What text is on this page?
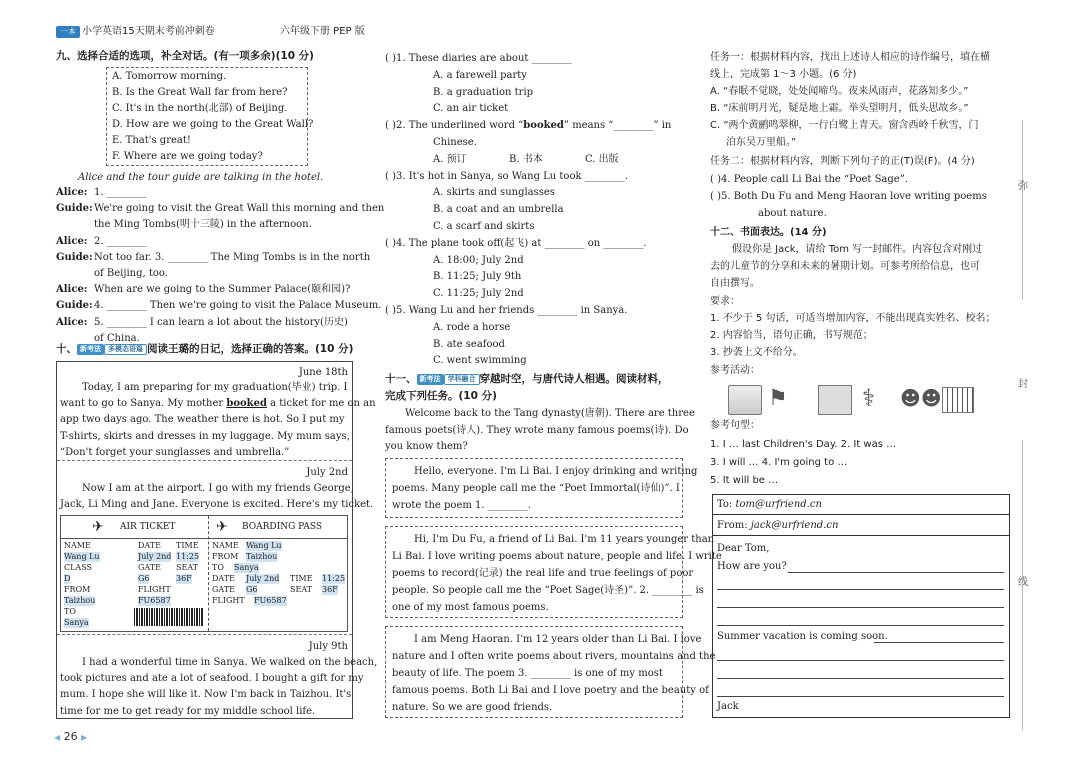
一本 小学英语15天期末考前冲刺卷	六年级下册 PEP 版
九、选择合适的选项，补全对话。(有一项多余)(10 分)
A. Tomorrow morning.
B. Is the Great Wall far from here?
C. It's in the north(北部) of Beijing.
D. How are we going to the Great Wall?
E. That's great!
F. Where are we going today?
Alice and the tour guide are talking in the hotel.
Alice: 1. ________
Guide: We're going to visit the Great Wall this morning and then
the Ming Tombs(明十三陵) in the afternoon.
Alice: 2. ________
Guide: Not too far. 3. ________ The Ming Tombs is in the north
of Beijing, too.
Alice: When are we going to the Summer Palace(颐和园)?
Guide: 4. ________ Then we're going to visit the Palace Museum.
Alice: 5. ________ I can learn a lot about the history(历史)
of China.
十、 新考法 多模态语篇 阅读王璐的日记，选择正确的答案。(10 分)
June 18th
Today, I am preparing for my graduation(毕业) trip. I
want to go to Sanya. My mother booked a ticket for me on an
app two days ago. The weather there is hot. So I put my
T-shirts, skirts and dresses in my luggage. My mum says,
“Don't forget your sunglasses and umbrella.”
July 2nd
Now I am at the airport. I go with my friends George,
Jack, Li Ming and Jane. Everyone is excited. Here's my ticket.
✈ AIR TICKET	✈ BOARDING PASS
NAME	DATE TIME
Wang Lu	July 2nd 11:25
CLASS	GATE SEAT
D	G6	36F
FROM	FLIGHT
Taizhou	FU6587
TO
Sanya
NAME Wang Lu
FROM Taizhou
TO Sanya
DATE July 2nd TIME 11:25
GATE G6	SEAT 36F
FLIGHT FU6587
July 9th
I had a wonderful time in Sanya. We walked on the beach,
took pictures and ate a lot of seafood. I bought a gift for my
mum. I hope she will like it. Now I'm back in Taizhou. It's
time for me to get ready for my middle school life.
( )1. These diaries are about ________
A. a farewell party
B. a graduation trip
C. an air ticket
( )2. The underlined word “booked” means “________” in
Chinese.
A. 预订	B. 书本	C. 出版
( )3. It's hot in Sanya, so Wang Lu took ________.
A. skirts and sunglasses
B. a coat and an umbrella
C. a scarf and skirts
( )4. The plane took off(起飞) at ________ on ________.
A. 18:00; July 2nd
B. 11:25; July 9th
C. 11:25; July 2nd
( )5. Wang Lu and her friends ________ in Sanya.
A. rode a horse
B. ate seafood
C. went swimming
十一、 新考法 学科融合 穿越时空，与唐代诗人相遇。阅读材料，
完成下列任务。(10 分)
Welcome back to the Tang dynasty(唐朝). There are three
famous poets(诗人). They wrote many famous poems(诗). Do
you know them?
Hello, everyone. I'm Li Bai. I enjoy drinking and writing
poems. Many people call me the “Poet Immortal(诗仙)”. I
wrote the poem 1. ________.
Hi, I'm Du Fu, a friend of Li Bai. I'm 11 years younger than
Li Bai. I love writing poems about nature, people and life. I write
poems to record(记录) the real life and true feelings of poor
people. So people call me the “Poet Sage(诗圣)”. 2. ________ is
one of my most famous poems.
I am Meng Haoran. I'm 12 years older than Li Bai. I love
nature and I often write poems about rivers, mountains and the
beauty of life. The poem 3. ________ is one of my most
famous poems. Both Li Bai and I love poetry and the beauty of
nature. So we are good friends.
任务一：根据材料内容，找出上述诗人相应的诗作编号，填在横
线上，完成第 1～3 小题。(6 分)
A. “春眠不觉晓，处处闻啼鸟。夜来风雨声，花落知多少。”
B. “床前明月光，疑是地上霜。举头望明月，低头思故乡。”
C. “两个黄鹂鸣翠柳，一行白鹭上青天。窗含西岭千秋雪，门
泊东吴万里船。”
任务二：根据材料内容，判断下列句子的正(T)误(F)。(4 分)
( )4. People call Li Bai the “Poet Sage”.
( )5. Both Du Fu and Meng Haoran love writing poems
about nature.
十二、书面表达。(14 分)
假设你是 Jack，请给 Tom 写一封邮件。内容包含对刚过
去的儿童节的分享和未来的暑期计划。可参考所给信息，也可
自由撰写。
要求：
1. 不少于 5 句话，可适当增加内容，不能出现真实姓名、校名；
2. 内容恰当，语句正确，书写规范；
3. 抄袭上文不给分。
参考活动：
参考句型：
1. I … last Children's Day. 2. It was …
3. I will … 4. I'm going to …
5. It will be …
⚑	⚕ ☻☻
To: tom@urfriend.cn
From: jack@urfriend.cn
Dear Tom,
How are you?
Summer vacation is coming soon.
Jack
弥
封
线
◀ 26 ▶
